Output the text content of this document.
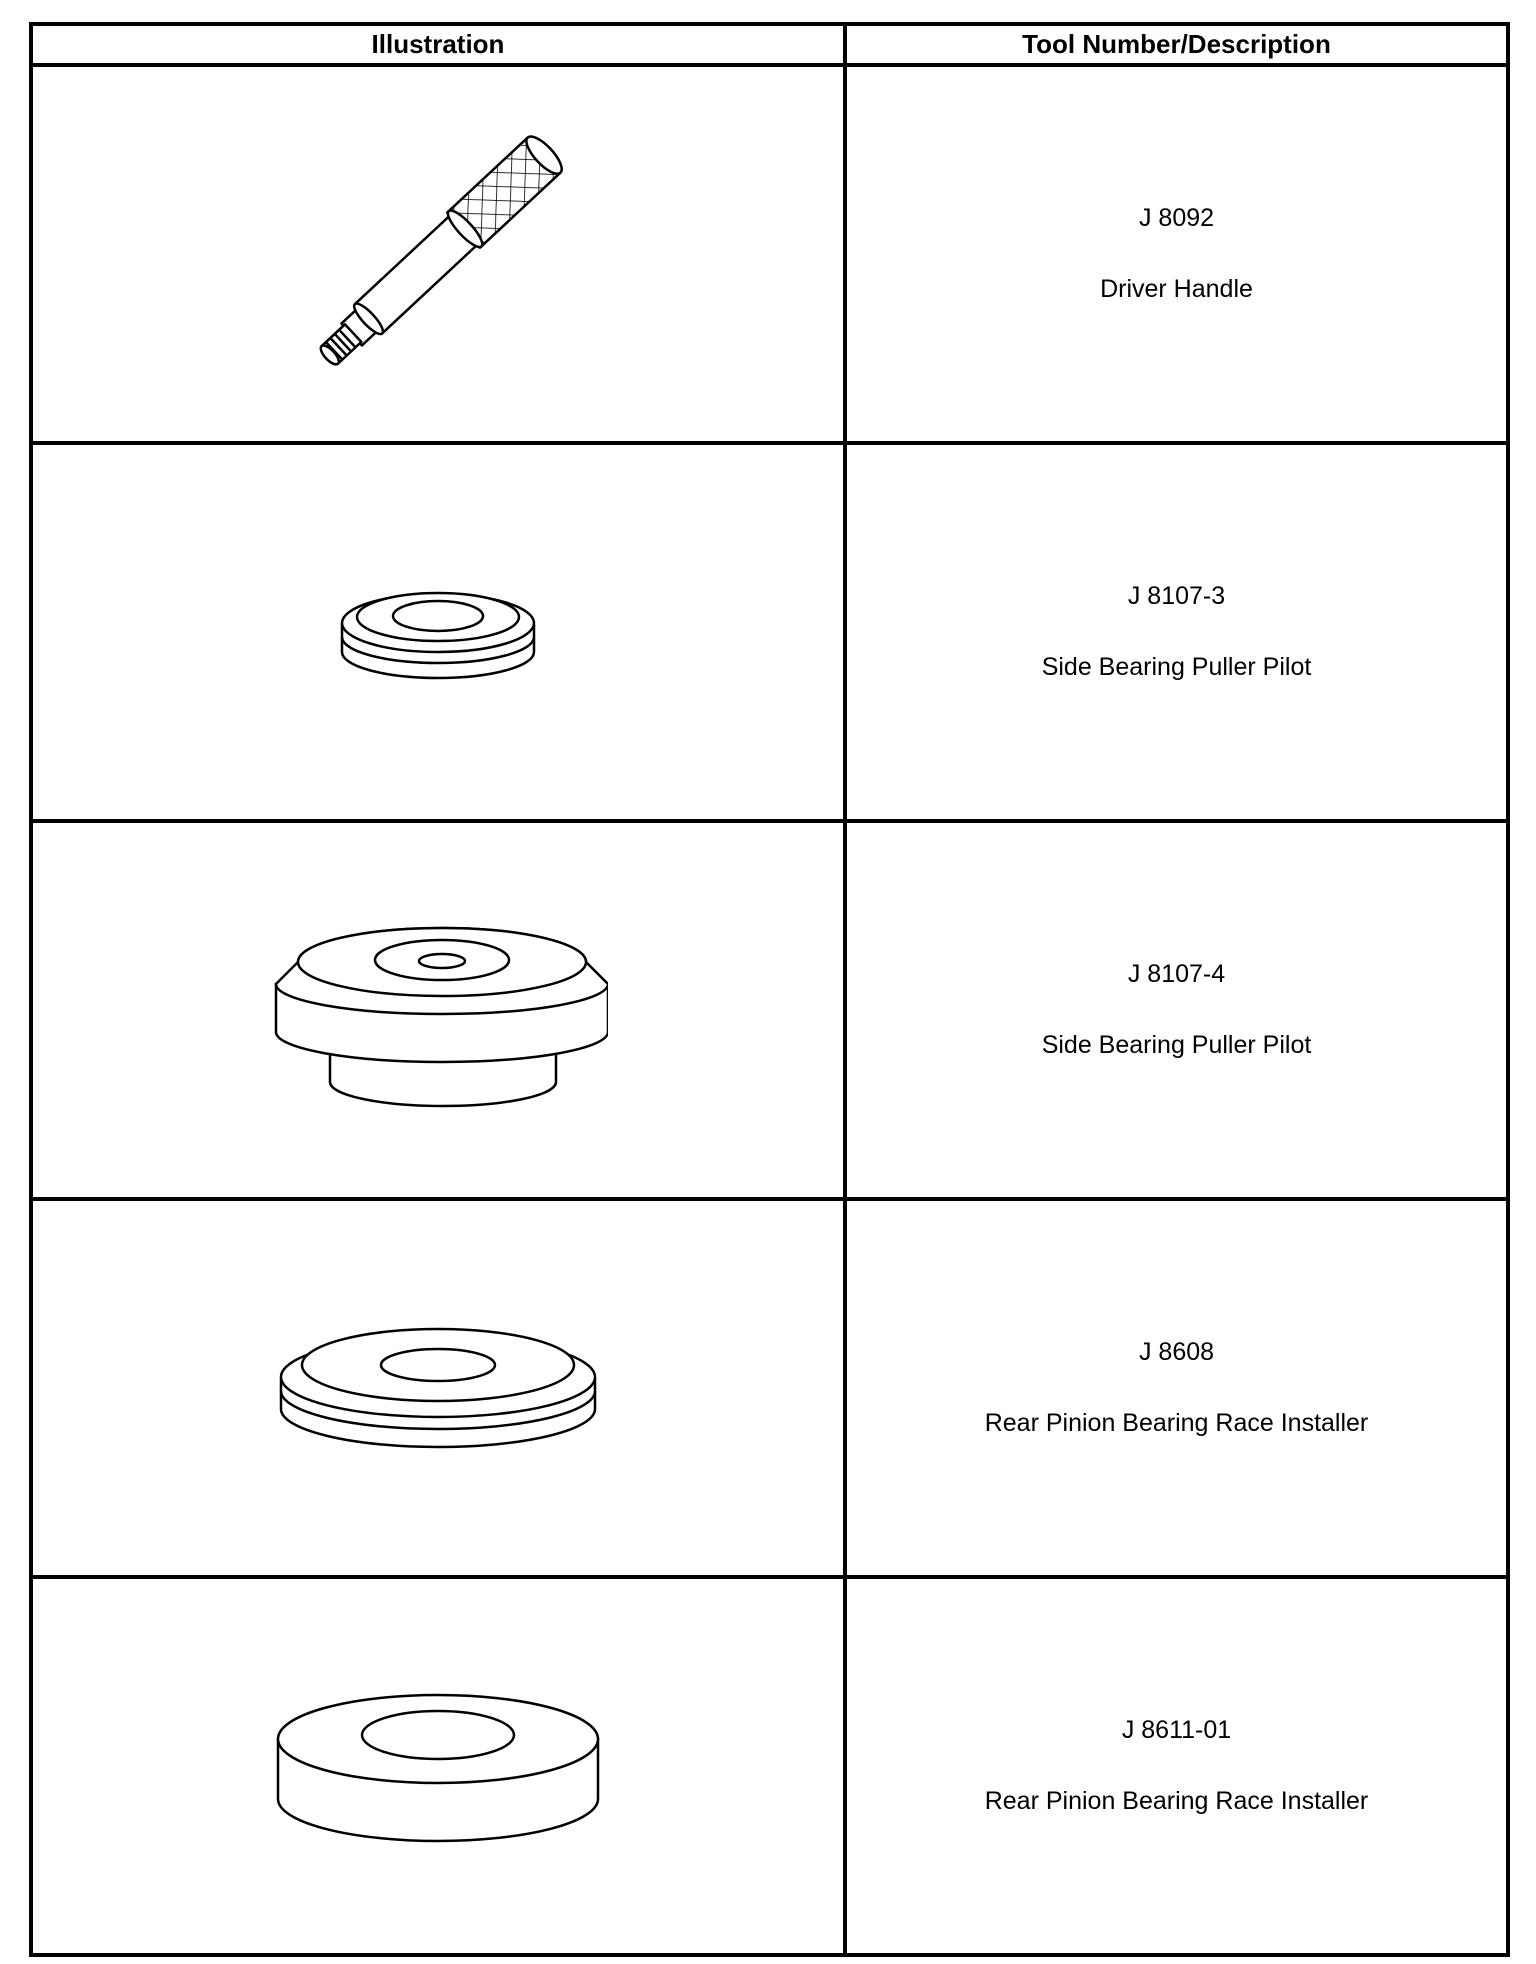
Illustration	Tool Number/Description

J 8092
Driver Handle

J 8107-3
Side Bearing Puller Pilot

J 8107-4
Side Bearing Puller Pilot

J 8608
Rear Pinion Bearing Race Installer

J 8611-01
Rear Pinion Bearing Race Installer
